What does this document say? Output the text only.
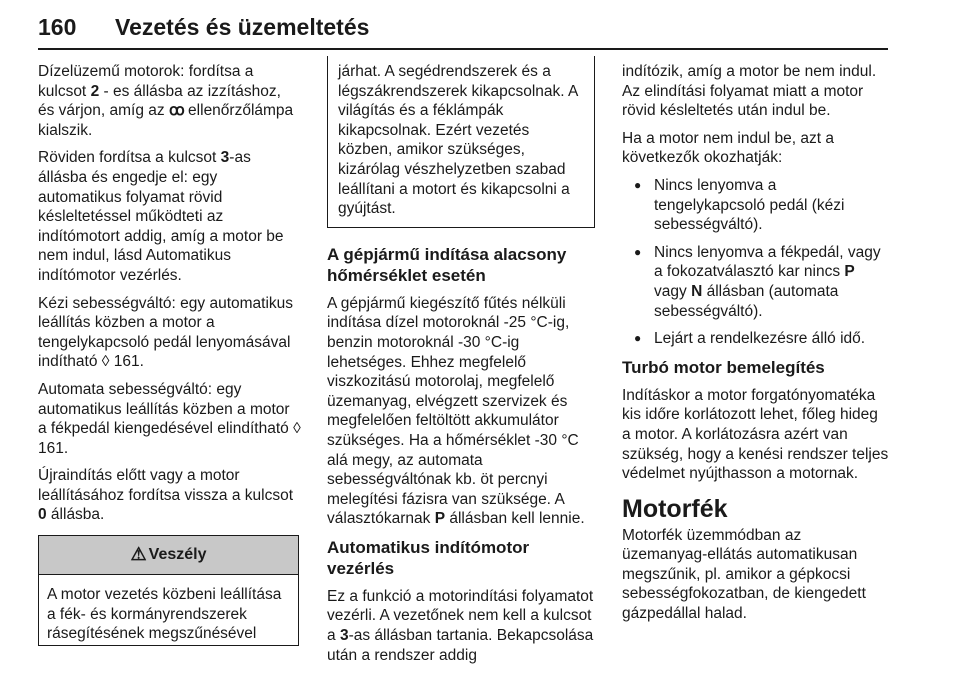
160 Vezetés és üzemeltetés

Dízelüzemű motorok: fordítsa a kulcsot 2 - es állásba az izzításhoz, és várjon, amíg az ꝏ ellenőrzőlámpa kialszik.

Röviden fordítsa a kulcsot 3-as állásba és engedje el: egy automatikus folyamat rövid késleltetéssel működteti az indítómotort addig, amíg a motor be nem indul, lásd Automatikus indítómotor vezérlés.

Kézi sebességváltó: egy automatikus leállítás közben a motor a tengelykapcsoló pedál lenyomásával indítható ◊ 161.

Automata sebességváltó: egy automatikus leállítás közben a motor a fékpedál kiengedésével elindítható ◊ 161.

Újraindítás előtt vagy a motor leállításához fordítsa vissza a kulcsot 0 állásba.

⚠ Veszély
A motor vezetés közbeni leállítása a fék- és kormányrendszerek rásegítésének megszűnésével
járhat. A segédrendszerek és a légszákrendszerek kikapcsolnak. A világítás és a féklámpák kikapcsolnak. Ezért vezetés közben, amikor szükséges, kizárólag vészhelyzetben szabad leállítani a motort és kikapcsolni a gyújtást.
A gépjármű indítása alacsony hőmérséklet esetén

A gépjármű kiegészítő fűtés nélküli indítása dízel motoroknál -25 °C-ig, benzin motoroknál -30 °C-ig lehetséges. Ehhez megfelelő viszkozitású motorolaj, megfelelő üzemanyag, elvégzett szervizek és megfelelően feltöltött akkumulátor szükséges. Ha a hőmérséklet -30 °C alá megy, az automata sebességváltónak kb. öt percnyi melegítési fázisra van szüksége. A választókarnak P állásban kell lennie.

Automatikus indítómotor vezérlés

Ez a funkció a motorindítási folyamatot vezérli. A vezetőnek nem kell a kulcsot a 3-as állásban tartania. Bekapcsolása után a rendszer addig

indítózik, amíg a motor be nem indul. Az elindítási folyamat miatt a motor rövid késleltetés után indul be.

Ha a motor nem indul be, azt a következők okozhatják:

● Nincs lenyomva a tengelykapcsoló pedál (kézi sebességváltó).
● Nincs lenyomva a fékpedál, vagy a fokozatválasztó kar nincs P vagy N állásban (automata sebességváltó).
● Lejárt a rendelkezésre álló idő.
Turbó motor bemelegítés

Indításkor a motor forgatónyomatéka kis időre korlátozott lehet, főleg hideg a motor. A korlátozásra azért van szükség, hogy a kenési rendszer teljes védelmet nyújthasson a motornak.

Motorfék

Motorfék üzemmódban az üzemanyag-ellátás automatikusan megszűnik, pl. amikor a gépkocsi sebességfokozatban, de kiengedett gázpedállal halad.
